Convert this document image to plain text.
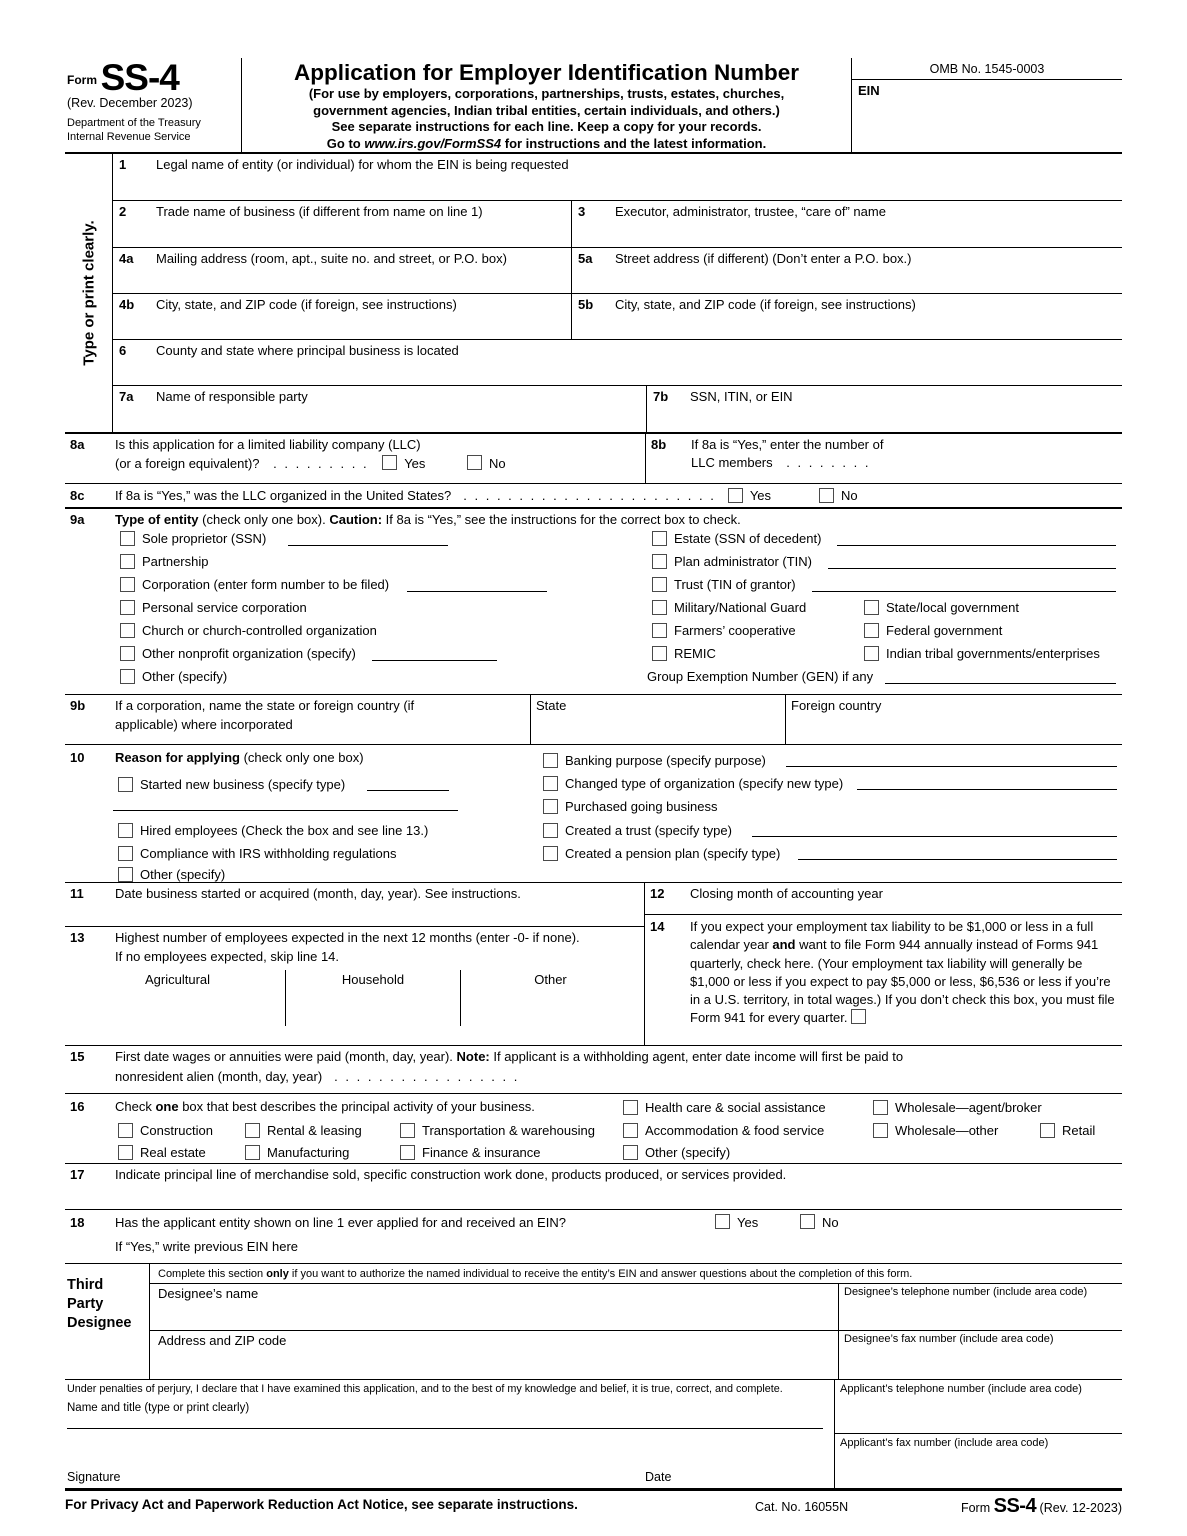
Form SS-4
(Rev. December 2023)
Department of the Treasury
Internal Revenue Service
Application for Employer Identification Number
(For use by employers, corporations, partnerships, trusts, estates, churches,
government agencies, Indian tribal entities, certain individuals, and others.)
See separate instructions for each line. Keep a copy for your records.
Go to www.irs.gov/FormSS4 for instructions and the latest information.
OMB No. 1545-0003
EIN
Type or print clearly.
1	Legal name of entity (or individual) for whom the EIN is being requested
2	Trade name of business (if different from name on line 1)	3	Executor, administrator, trustee, “care of” name
4a	Mailing address (room, apt., suite no. and street, or P.O. box)	5a	Street address (if different) (Don’t enter a P.O. box.)
4b	City, state, and ZIP code (if foreign, see instructions)	5b	City, state, and ZIP code (if foreign, see instructions)
6	County and state where principal business is located
7a	Name of responsible party	7b	SSN, ITIN, or EIN
8a	Is this application for a limited liability company (LLC)
(or a foreign equivalent)? . . . . . . . . .	Yes	No
8b	If 8a is “Yes,” enter the number of
LLC members . . . . . . . .
8c	If 8a is “Yes,” was the LLC organized in the United States? . . . . . . . . . . . . . . . . . . . . . . .	Yes	No
9a	Type of entity (check only one box). Caution: If 8a is “Yes,” see the instructions for the correct box to check.
Sole proprietor (SSN)
Partnership
Corporation (enter form number to be filed)
Personal service corporation
Church or church-controlled organization
Other nonprofit organization (specify)
Other (specify)
Estate (SSN of decedent)
Plan administrator (TIN)
Trust (TIN of grantor)
Military/National Guard	State/local government
Farmers’ cooperative	Federal government
REMIC	Indian tribal governments/enterprises
Group Exemption Number (GEN) if any
9b	If a corporation, name the state or foreign country (if
applicable) where incorporated
State	Foreign country
10	Reason for applying (check only one box)
Started new business (specify type)
Hired employees (Check the box and see line 13.)
Compliance with IRS withholding regulations
Other (specify)
Banking purpose (specify purpose)
Changed type of organization (specify new type)
Purchased going business
Created a trust (specify type)
Created a pension plan (specify type)
11	Date business started or acquired (month, day, year). See instructions.
13	Highest number of employees expected in the next 12 months (enter -0- if none).
If no employees expected, skip line 14.
Agricultural	Household	Other
12	Closing month of accounting year
14	If you expect your employment tax liability to be $1,000 or less in a full calendar year and want to file Form 944 annually instead of Forms 941 quarterly, check here. (Your employment tax liability will generally be $1,000 or less if you expect to pay $5,000 or less, $6,536 or less if you’re in a U.S. territory, in total wages.) If you don’t check this box, you must file Form 941 for every quarter.
15	First date wages or annuities were paid (month, day, year). Note: If applicant is a withholding agent, enter date income will first be paid to
nonresident alien (month, day, year) . . . . . . . . . . . . . . . . .
16	Check one box that best describes the principal activity of your business.	Health care & social assistance	Wholesale—agent/broker
Construction	Rental & leasing	Transportation & warehousing	Accommodation & food service	Wholesale—other	Retail
Real estate	Manufacturing	Finance & insurance	Other (specify)
17	Indicate principal line of merchandise sold, specific construction work done, products produced, or services provided.
18	Has the applicant entity shown on line 1 ever applied for and received an EIN?	Yes	No
If “Yes,” write previous EIN here
Third
Party
Designee
Complete this section only if you want to authorize the named individual to receive the entity’s EIN and answer questions about the completion of this form.
Designee’s name	Designee’s telephone number (include area code)
Address and ZIP code	Designee’s fax number (include area code)
Under penalties of perjury, I declare that I have examined this application, and to the best of my knowledge and belief, it is true, correct, and complete.
Name and title (type or print clearly)
Signature	Date
Applicant’s telephone number (include area code)
Applicant’s fax number (include area code)
For Privacy Act and Paperwork Reduction Act Notice, see separate instructions.	Cat. No. 16055N	Form SS-4 (Rev. 12-2023)
